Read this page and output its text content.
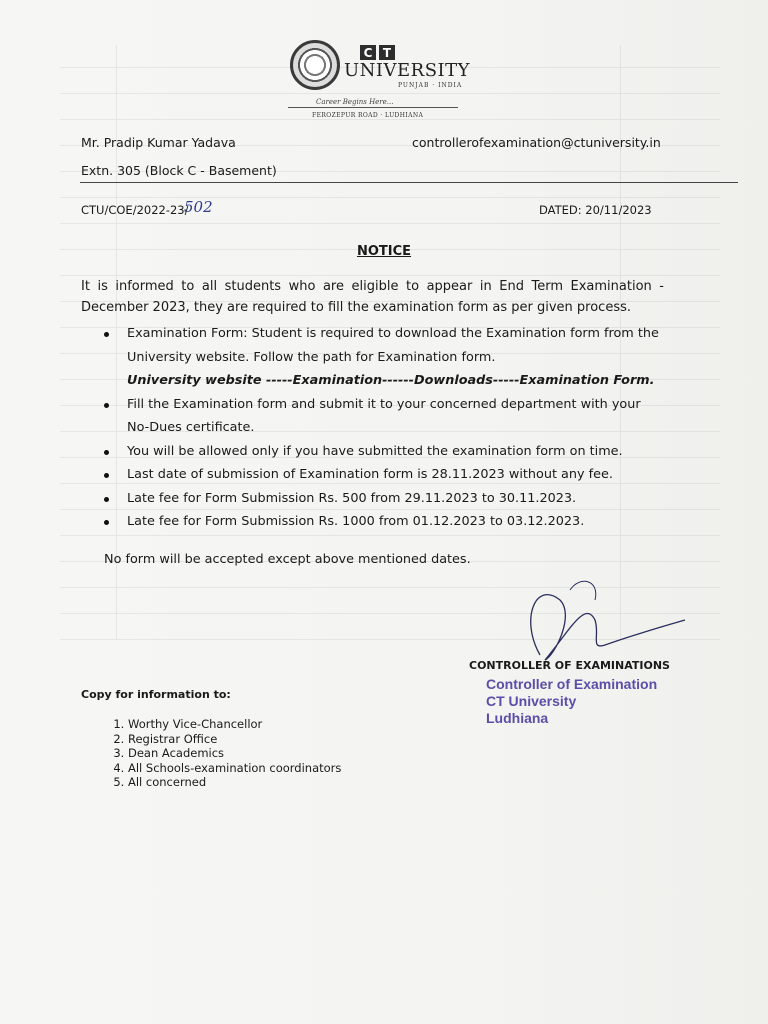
C T
UNIVERSITY
PUNJAB · INDIA
Career Begins Here...
FEROZEPUR ROAD · LUDHIANA
Mr. Pradip Kumar Yadava
Extn. 305 (Block C - Basement)
controllerofexamination@ctuniversity.in
CTU/COE/2022-23/
502	DATED: 20/11/2023
NOTICE
It is informed to all students who are eligible to appear in End Term Examination - December 2023, they are required to fill the examination form as per given process.
Examination Form: Student is required to download the Examination form from the University website. Follow the path for Examination form.
University website -----Examination------Downloads-----Examination Form.
Fill the Examination form and submit it to your concerned department with your No-Dues certificate.
You will be allowed only if you have submitted the examination form on time.
Last date of submission of Examination form is 28.11.2023 without any fee.
Late fee for Form Submission Rs. 500 from 29.11.2023 to 30.11.2023.
Late fee for Form Submission Rs. 1000 from 01.12.2023 to 03.12.2023.
No form will be accepted except above mentioned dates.
CONTROLLER OF EXAMINATIONS
Controller of Examination
CT University
Ludhiana
Copy for information to:
1. Worthy Vice-Chancellor
2. Registrar Office
3. Dean Academics
4. All Schools-examination coordinators
5. All concerned
